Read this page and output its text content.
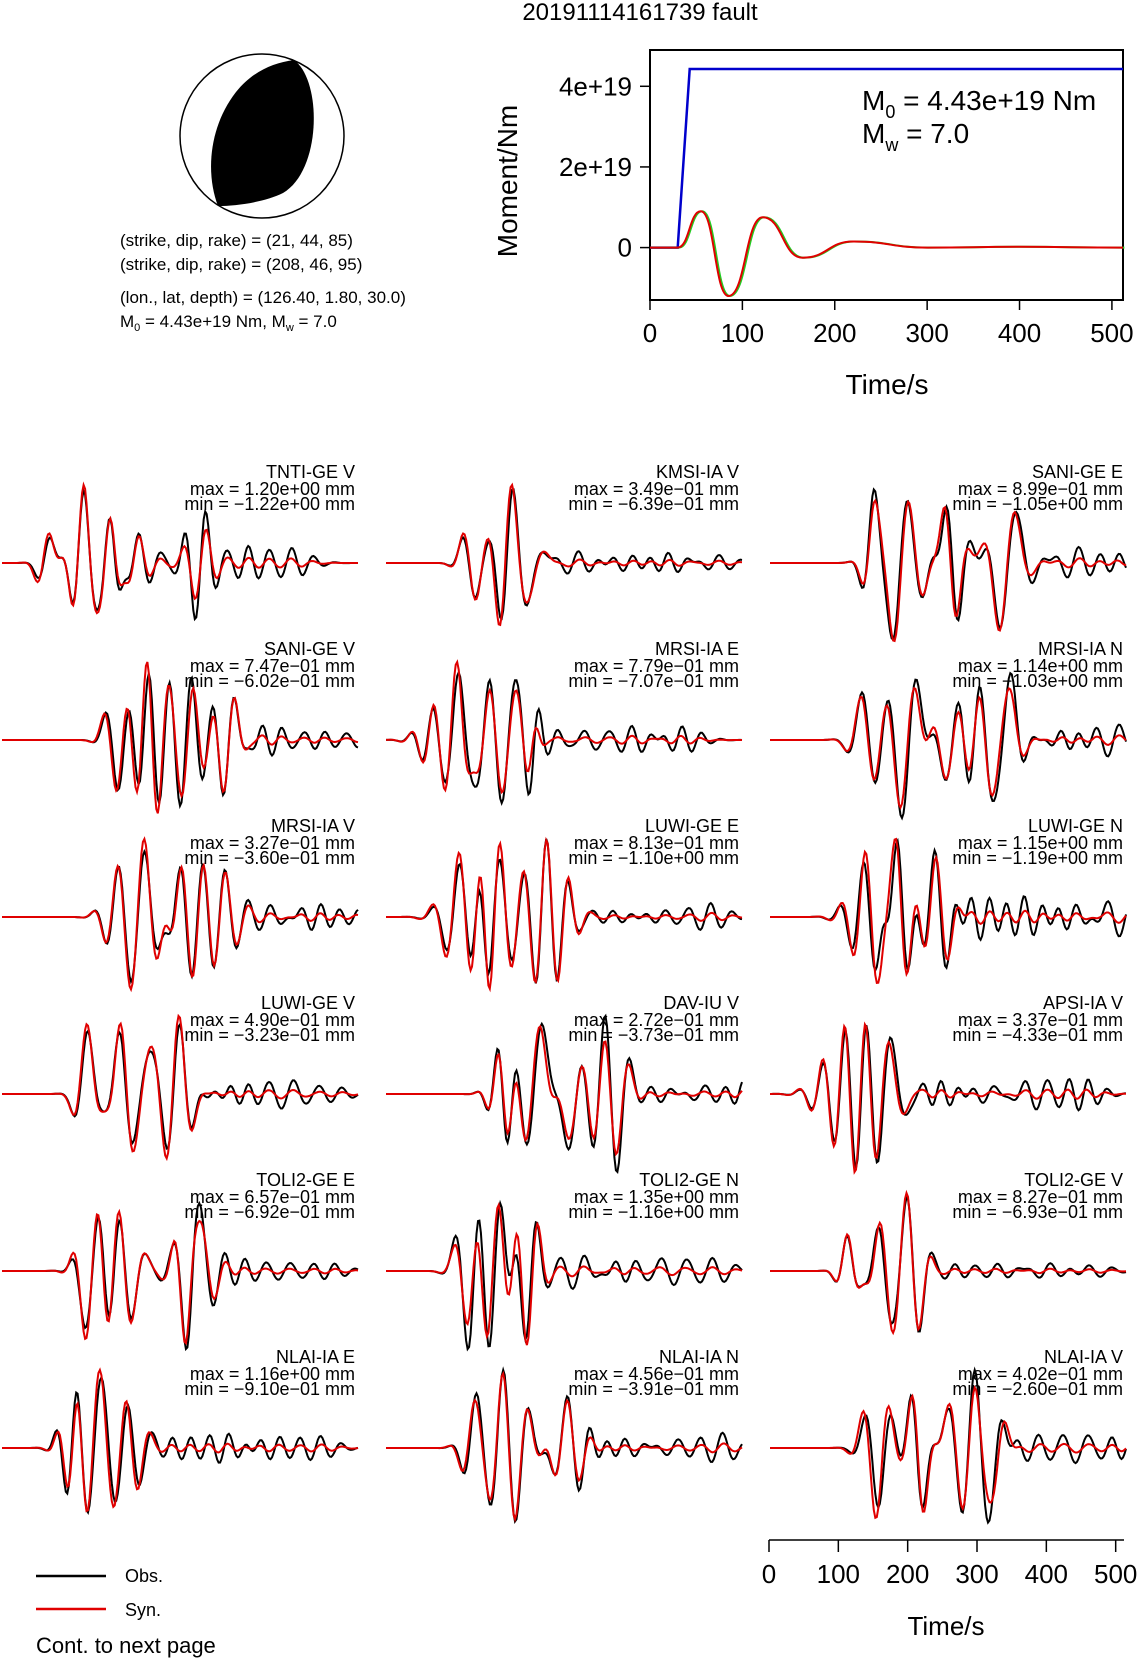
20191114161739 fault
(strike, dip, rake) = (21, 44, 85)
(strike, dip, rake) = (208, 46, 95)
(lon., lat, depth) = (126.40, 1.80, 30.0)
$M_0 = 4.43e+19$ Nm, $M_w = 7.0$
4e+19
2e+19
0
0 100 200 300 400 500
$M_0 = 4.43e+19$ Nm
$M_w = 7.0$
Moment/Nm
Time/s
TNTI-GE V
max = 1.20e+00 mm
min = −1.22e+00 mm
KMSI-IA V
max = 3.49e−01 mm
min = −6.39e−01 mm
SANI-GE E
max = 8.99e−01 mm
min = −1.05e+00 mm
SANI-GE V
max = 7.47e−01 mm
min = −6.02e−01 mm
MRSI-IA E
max = 7.79e−01 mm
min = −7.07e−01 mm
MRSI-IA N
max = 1.14e+00 mm
min = −1.03e+00 mm
MRSI-IA V
max = 3.27e−01 mm
min = −3.60e−01 mm
LUWI-GE E
max = 8.13e−01 mm
min = −1.10e+00 mm
LUWI-GE N
max = 1.15e+00 mm
min = −1.19e+00 mm
LUWI-GE V
max = 4.90e−01 mm
min = −3.23e−01 mm
DAV-IU V
max = 2.72e−01 mm
min = −3.73e−01 mm
APSI-IA V
max = 3.37e−01 mm
min = −4.33e−01 mm
TOLI2-GE E
max = 6.57e−01 mm
min = −6.92e−01 mm
TOLI2-GE N
max = 1.35e+00 mm
min = −1.16e+00 mm
TOLI2-GE V
max = 8.27e−01 mm
min = −6.93e−01 mm
NLAI-IA E
max = 1.16e+00 mm
min = −9.10e−01 mm
NLAI-IA N
max = 4.56e−01 mm
min = −3.91e−01 mm
NLAI-IA V
max = 4.02e−01 mm
min = −2.60e−01 mm
Time/s
0 100 200 300 400 500
Obs.
Syn.
Cont. to next page
